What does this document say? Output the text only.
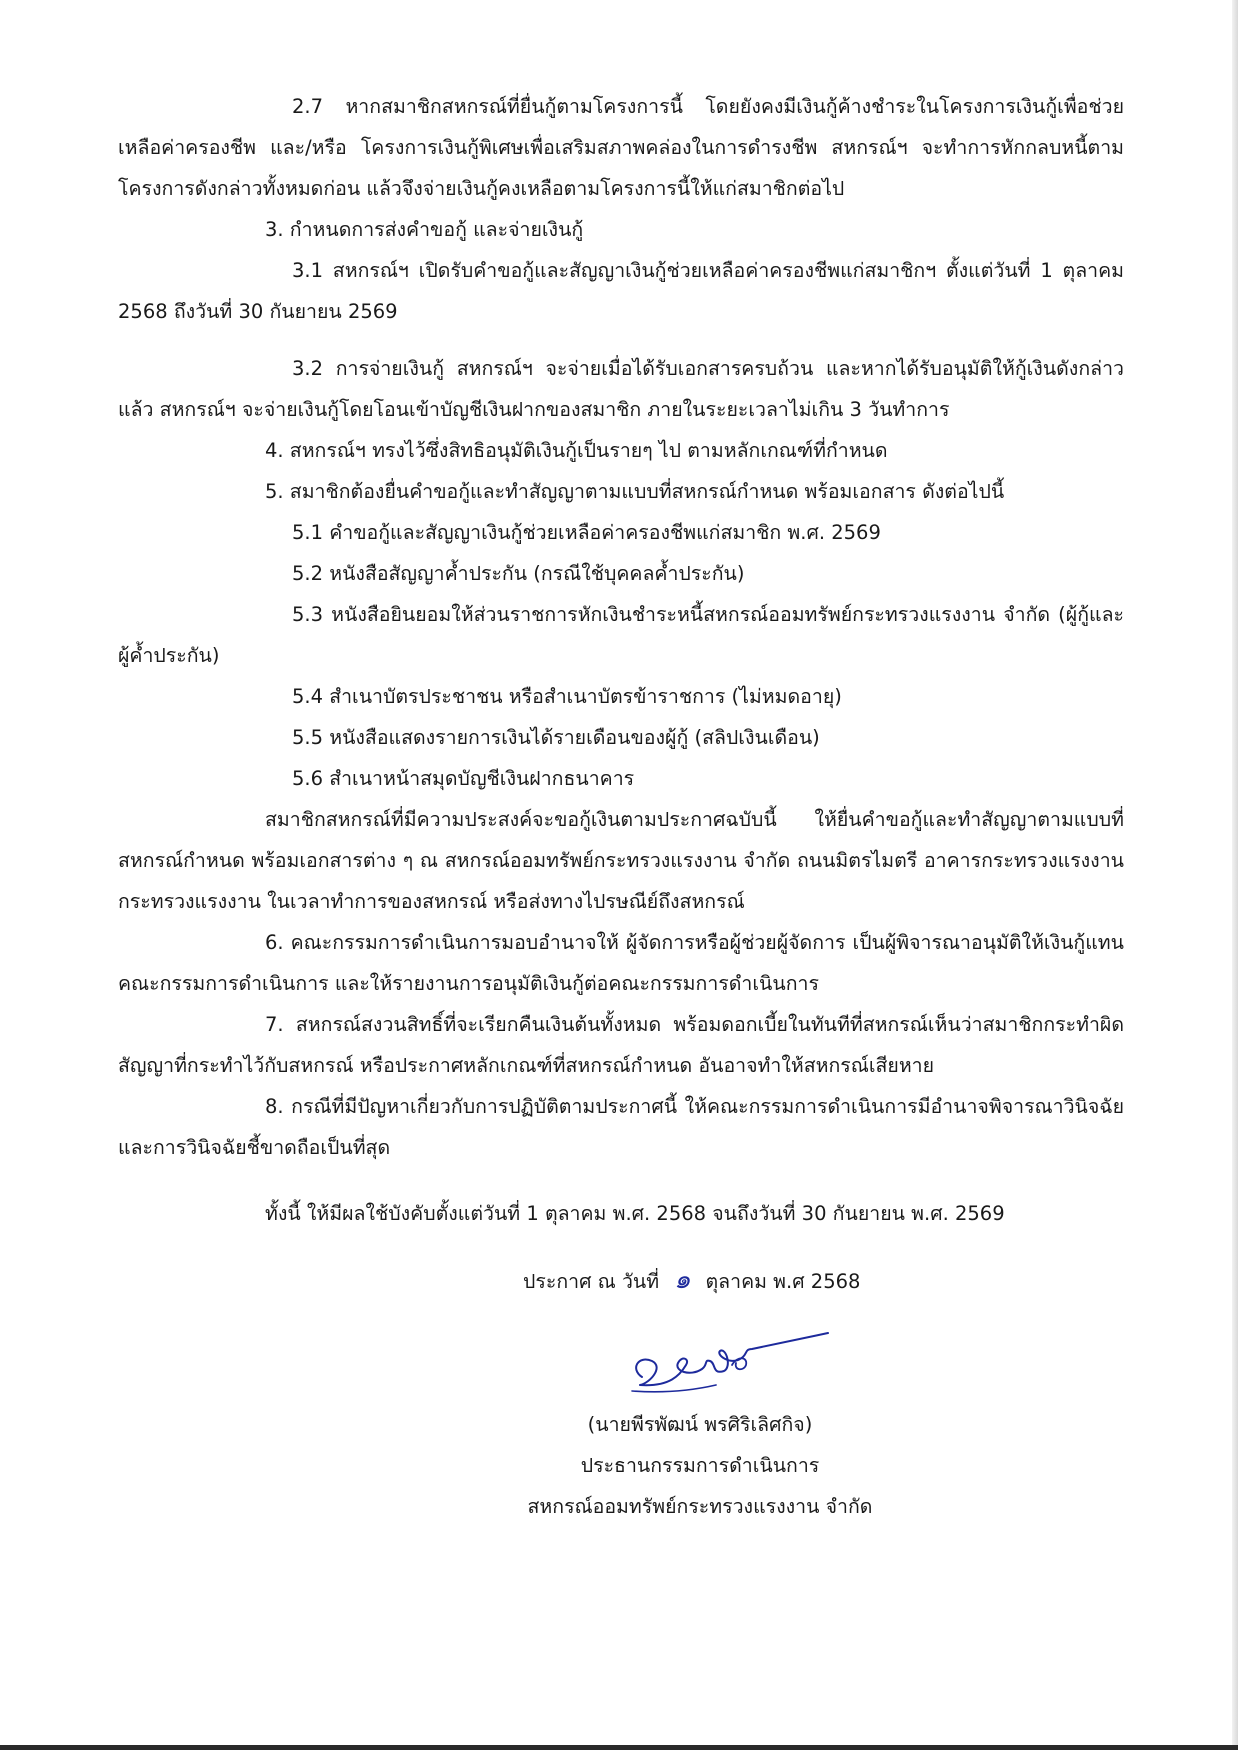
2.7 หากสมาชิกสหกรณ์ที่ยื่นกู้ตามโครงการนี้ โดยยังคงมีเงินกู้ค้างชำระในโครงการเงินกู้เพื่อช่วยเหลือค่าครองชีพ และ/หรือ โครงการเงินกู้พิเศษเพื่อเสริมสภาพคล่องในการดำรงชีพ สหกรณ์ฯ จะทำการหักกลบหนี้ตามโครงการดังกล่าวทั้งหมดก่อน แล้วจึงจ่ายเงินกู้คงเหลือตามโครงการนี้ให้แก่สมาชิกต่อไป

3. กำหนดการส่งคำขอกู้ และจ่ายเงินกู้

3.1 สหกรณ์ฯ เปิดรับคำขอกู้และสัญญาเงินกู้ช่วยเหลือค่าครองชีพแก่สมาชิกฯ ตั้งแต่วันที่ 1 ตุลาคม 2568 ถึงวันที่ 30 กันยายน 2569

3.2 การจ่ายเงินกู้ สหกรณ์ฯ จะจ่ายเมื่อได้รับเอกสารครบถ้วน และหากได้รับอนุมัติให้กู้เงินดังกล่าวแล้ว สหกรณ์ฯ จะจ่ายเงินกู้โดยโอนเข้าบัญชีเงินฝากของสมาชิก ภายในระยะเวลาไม่เกิน 3 วันทำการ

4. สหกรณ์ฯ ทรงไว้ซึ่งสิทธิอนุมัติเงินกู้เป็นรายๆ ไป ตามหลักเกณฑ์ที่กำหนด

5. สมาชิกต้องยื่นคำขอกู้และทำสัญญาตามแบบที่สหกรณ์กำหนด พร้อมเอกสาร ดังต่อไปนี้

5.1 คำขอกู้และสัญญาเงินกู้ช่วยเหลือค่าครองชีพแก่สมาชิก พ.ศ. 2569

5.2 หนังสือสัญญาค้ำประกัน (กรณีใช้บุคคลค้ำประกัน)

5.3 หนังสือยินยอมให้ส่วนราชการหักเงินชำระหนี้สหกรณ์ออมทรัพย์กระทรวงแรงงาน จำกัด (ผู้กู้และผู้ค้ำประกัน)

5.4 สำเนาบัตรประชาชน หรือสำเนาบัตรข้าราชการ (ไม่หมดอายุ)

5.5 หนังสือแสดงรายการเงินได้รายเดือนของผู้กู้ (สลิปเงินเดือน)

5.6 สำเนาหน้าสมุดบัญชีเงินฝากธนาคาร

สมาชิกสหกรณ์ที่มีความประสงค์จะขอกู้เงินตามประกาศฉบับนี้ ให้ยื่นคำขอกู้และทำสัญญาตามแบบที่สหกรณ์กำหนด พร้อมเอกสารต่าง ๆ ณ สหกรณ์ออมทรัพย์กระทรวงแรงงาน จำกัด ถนนมิตรไมตรี อาคารกระทรวงแรงงาน กระทรวงแรงงาน ในเวลาทำการของสหกรณ์ หรือส่งทางไปรษณีย์ถึงสหกรณ์

6. คณะกรรมการดำเนินการมอบอำนาจให้ ผู้จัดการหรือผู้ช่วยผู้จัดการ เป็นผู้พิจารณาอนุมัติให้เงินกู้แทนคณะกรรมการดำเนินการ และให้รายงานการอนุมัติเงินกู้ต่อคณะกรรมการดำเนินการ

7. สหกรณ์สงวนสิทธิ์ที่จะเรียกคืนเงินต้นทั้งหมด พร้อมดอกเบี้ยในทันทีที่สหกรณ์เห็นว่าสมาชิกกระทำผิดสัญญาที่กระทำไว้กับสหกรณ์ หรือประกาศหลักเกณฑ์ที่สหกรณ์กำหนด อันอาจทำให้สหกรณ์เสียหาย

8. กรณีที่มีปัญหาเกี่ยวกับการปฏิบัติตามประกาศนี้ ให้คณะกรรมการดำเนินการมีอำนาจพิจารณาวินิจฉัยและการวินิจฉัยชี้ขาดถือเป็นที่สุด

ทั้งนี้ ให้มีผลใช้บังคับตั้งแต่วันที่ 1 ตุลาคม พ.ศ. 2568 จนถึงวันที่ 30 กันยายน พ.ศ. 2569
ประกาศ ณ วันที่ ๑ ตุลาคม พ.ศ 2568
(นายพีรพัฒน์ พรศิริเลิศกิจ)
ประธานกรรมการดำเนินการ
สหกรณ์ออมทรัพย์กระทรวงแรงงาน จำกัด
